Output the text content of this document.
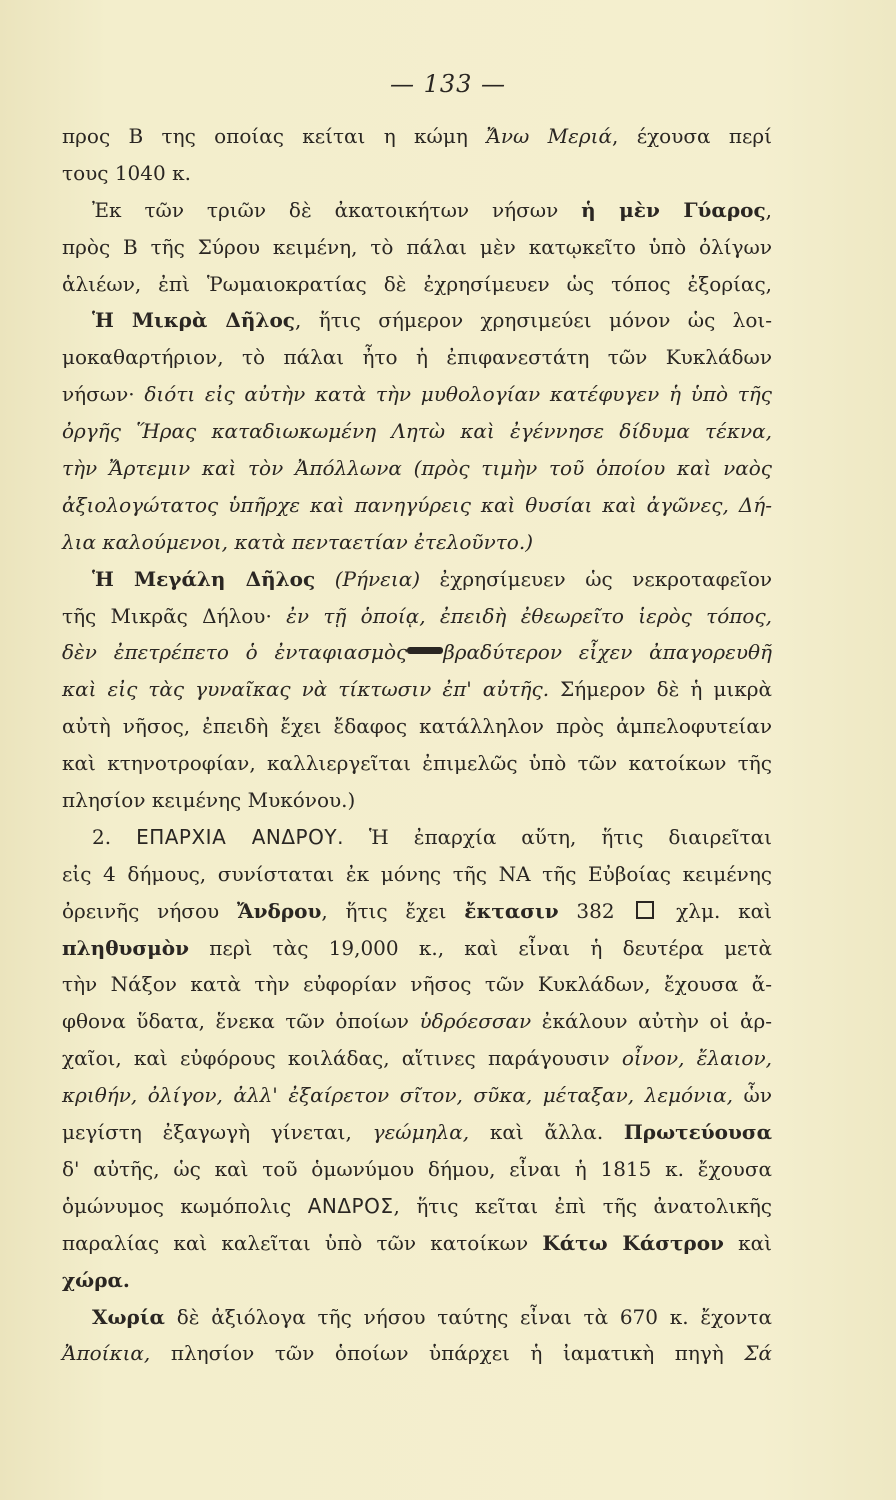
— 133 —
προς Β της οποίας κείται η κώμη Ἄνω Μεριά, έχουσα περί
τους 1040 κ.
Ἐκ τῶν τριῶν δὲ ἀκατοικήτων νήσων ἡ μὲν Γύαρος,
πρὸς Β τῆς Σύρου κειμένη, τὸ πάλαι μὲν κατῳκεῖτο ὑπὸ ὀλίγων
ἁλιέων, ἐπὶ Ῥωμαιοκρατίας δὲ ἐχρησίμευεν ὡς τόπος ἐξορίας,
Ἡ Μικρὰ Δῆλος, ἥτις σήμερον χρησιμεύει μόνον ὡς λοι-
μοκαθαρτήριον, τὸ πάλαι ἦτο ἡ ἐπιφανεστάτη τῶν Κυκλάδων
νήσων· διότι εἰς αὐτὴν κατὰ τὴν μυθολογίαν κατέφυγεν ἡ ὑπὸ τῆς
ὀργῆς Ἥρας καταδιωκωμένη Λητὼ καὶ ἐγέννησε δίδυμα τέκνα,
τὴν Ἄρτεμιν καὶ τὸν Ἀπόλλωνα (πρὸς τιμὴν τοῦ ὁποίου καὶ ναὸς
ἀξιολογώτατος ὑπῆρχε καὶ πανηγύρεις καὶ θυσίαι καὶ ἀγῶνες, Δή-
λια καλούμενοι, κατὰ πενταετίαν ἐτελοῦντο.)
Ἡ Μεγάλη Δῆλος (Ρήνεια) ἐχρησίμευεν ὡς νεκροταφεῖον
τῆς Μικρᾶς Δήλου· ἐν τῇ ὁποίᾳ, ἐπειδὴ ἐθεωρεῖτο ἱερὸς τόπος,
δὲν ἐπετρέπετο ὁ ἐνταφιασμὸς βραδύτερον εἶχεν ἀπαγορευθῆ
καὶ εἰς τὰς γυναῖκας νὰ τίκτωσιν ἐπ' αὐτῆς. Σήμερον δὲ ἡ μικρὰ
αὐτὴ νῆσος, ἐπειδὴ ἔχει ἔδαφος κατάλληλον πρὸς ἀμπελοφυτείαν
καὶ κτηνοτροφίαν, καλλιεργεῖται ἐπιμελῶς ὑπὸ τῶν κατοίκων τῆς
πλησίον κειμένης Μυκόνου.)
2. ΕΠΑΡΧΙΑ ΑΝΔΡΟΥ. Ἡ ἐπαρχία αὕτη, ἥτις διαιρεῖται
εἰς 4 δήμους, συνίσταται ἐκ μόνης τῆς ΝΑ τῆς Εὐβοίας κειμένης
ὀρεινῆς νήσου Ἄνδρου, ἥτις ἔχει ἔκτασιν 382  χλμ. καὶ
πληθυσμὸν περὶ τὰς 19,000 κ., καὶ εἶναι ἡ δευτέρα μετὰ
τὴν Νάξον κατὰ τὴν εὐφορίαν νῆσος τῶν Κυκλάδων, ἔχουσα ἄ-
φθονα ὕδατα, ἕνεκα τῶν ὁποίων ὑδρόεσσαν ἐκάλουν αὐτὴν οἱ ἀρ-
χαῖοι, καὶ εὐφόρους κοιλάδας, αἵτινες παράγουσιν οἶνον, ἔλαιον,
κριθήν, ὀλίγον, ἀλλ' ἐξαίρετον σῖτον, σῦκα, μέταξαν, λεμόνια, ὧν
μεγίστη ἐξαγωγὴ γίνεται, γεώμηλα, καὶ ἄλλα. Πρωτεύουσα
δ' αὐτῆς, ὡς καὶ τοῦ ὁμωνύμου δήμου, εἶναι ἡ 1815 κ. ἔχουσα
ὁμώνυμος κωμόπολις ΑΝΔΡΟΣ, ἥτις κεῖται ἐπὶ τῆς ἀνατολικῆς
παραλίας καὶ καλεῖται ὑπὸ τῶν κατοίκων Κάτω Κάστρον καὶ
χώρα.
Χωρία δὲ ἀξιόλογα τῆς νήσου ταύτης εἶναι τὰ 670 κ. ἔχοντα
Ἀποίκια, πλησίον τῶν ὁποίων ὑπάρχει ἡ ἰαματικὴ πηγὴ Σά
